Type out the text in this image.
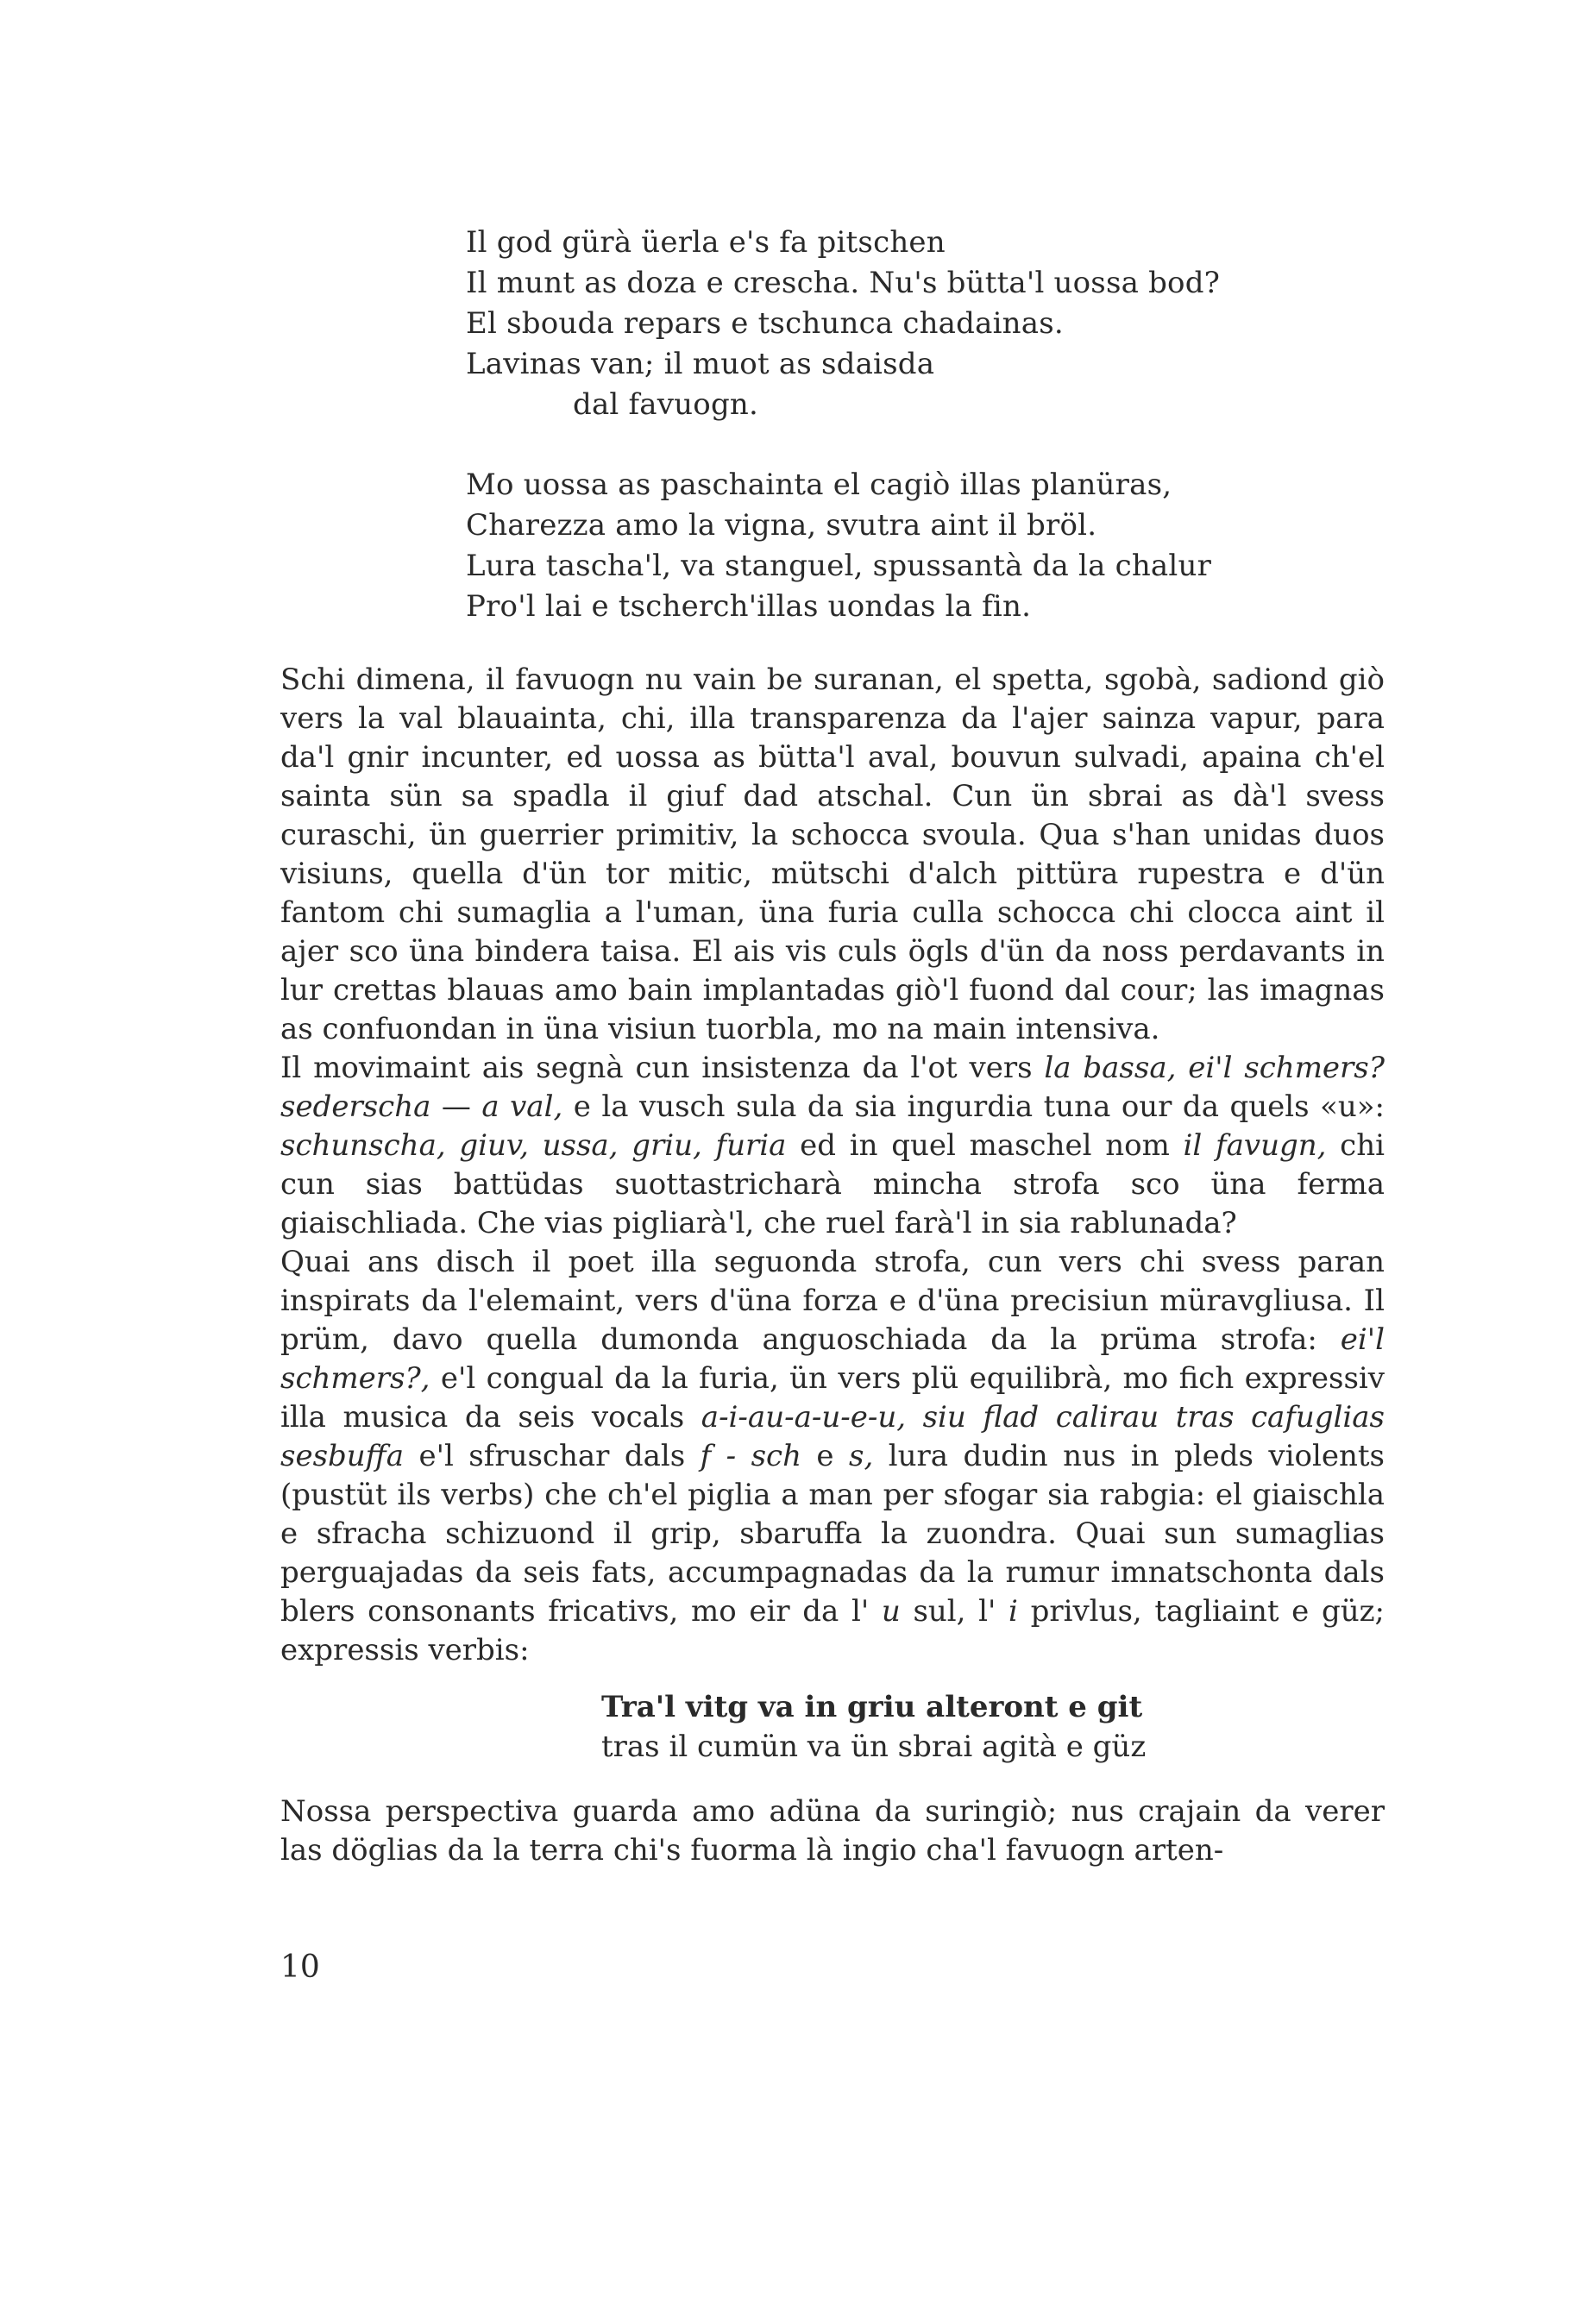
Il god gürà üerla e's fa pitschen
Il munt as doza e crescha. Nu's bütta'l uossa bod?
El sbouda repars e tschunca chadainas.
Lavinas van; il muot as sdaisda
dal favuogn.
Mo uossa as paschainta el cagiò illas planüras,
Charezza amo la vigna, svutra aint il bröl.
Lura tascha'l, va stanguel, spussantà da la chalur
Pro'l lai e tscherch'illas uondas la fin.

Schi dimena, il favuogn nu vain be suranan, el spetta, sgobà, sadiond giò vers la val blauainta, chi, illa transparenza da l'ajer sainza vapur, para da'l gnir incunter, ed uossa as bütta'l aval, bouvun sulvadi, apaina ch'el sainta sün sa spadla il giuf dad atschal. Cun ün sbrai as dà'l svess curaschi, ün guerrier primitiv, la schocca svoula. Qua s'han unidas duos visiuns, quella d'ün tor mitic, mütschi d'alch pittüra rupestra e d'ün fantom chi sumaglia a l'uman, üna furia culla schocca chi clocca aint il ajer sco üna bindera taisa. El ais vis culs ögls d'ün da noss perdavants in lur crettas blauas amo bain implantadas giò'l fuond dal cour; las imagnas as confuondan in üna visiun tuorbla, mo na main intensiva.

Il movimaint ais segnà cun insistenza da l'ot vers la bassa, ei'l schmers? sederscha — a val, e la vusch sula da sia ingurdia tuna our da quels «u»: schunscha, giuv, ussa, griu, furia ed in quel maschel nom il favugn, chi cun sias battüdas suottastricharà mincha strofa sco üna ferma giaischliada. Che vias pigliarà'l, che ruel farà'l in sia rablunada?

Quai ans disch il poet illa seguonda strofa, cun vers chi svess paran inspirats da l'elemaint, vers d'üna forza e d'üna precisiun müravgliusa. Il prüm, davo quella dumonda anguoschiada da la prüma strofa: ei'l schmers?, e'l congual da la furia, ün vers plü equilibrà, mo fich expressiv illa musica da seis vocals a-i-au-a-u-e-u, siu flad calirau tras cafuglias sesbuffa e'l sfruschar dals f - sch e s, lura dudin nus in pleds violents (pustüt ils verbs) che ch'el piglia a man per sfogar sia rabgia: el giaischla e sfracha schizuond il grip, sbaruffa la zuondra. Quai sun sumaglias perguajadas da seis fats, accumpagnadas da la rumur imnatschonta dals blers consonants fricativs, mo eir da l' u sul, l' i privlus, tagliaint e güz; expressis verbis:

Tra'l vitg va in griu alteront e git
tras il cumün va ün sbrai agità e güz

Nossa perspectiva guarda amo adüna da suringiò; nus crajain da verer las döglias da la terra chi's fuorma là ingio cha'l favuogn arten-

10
